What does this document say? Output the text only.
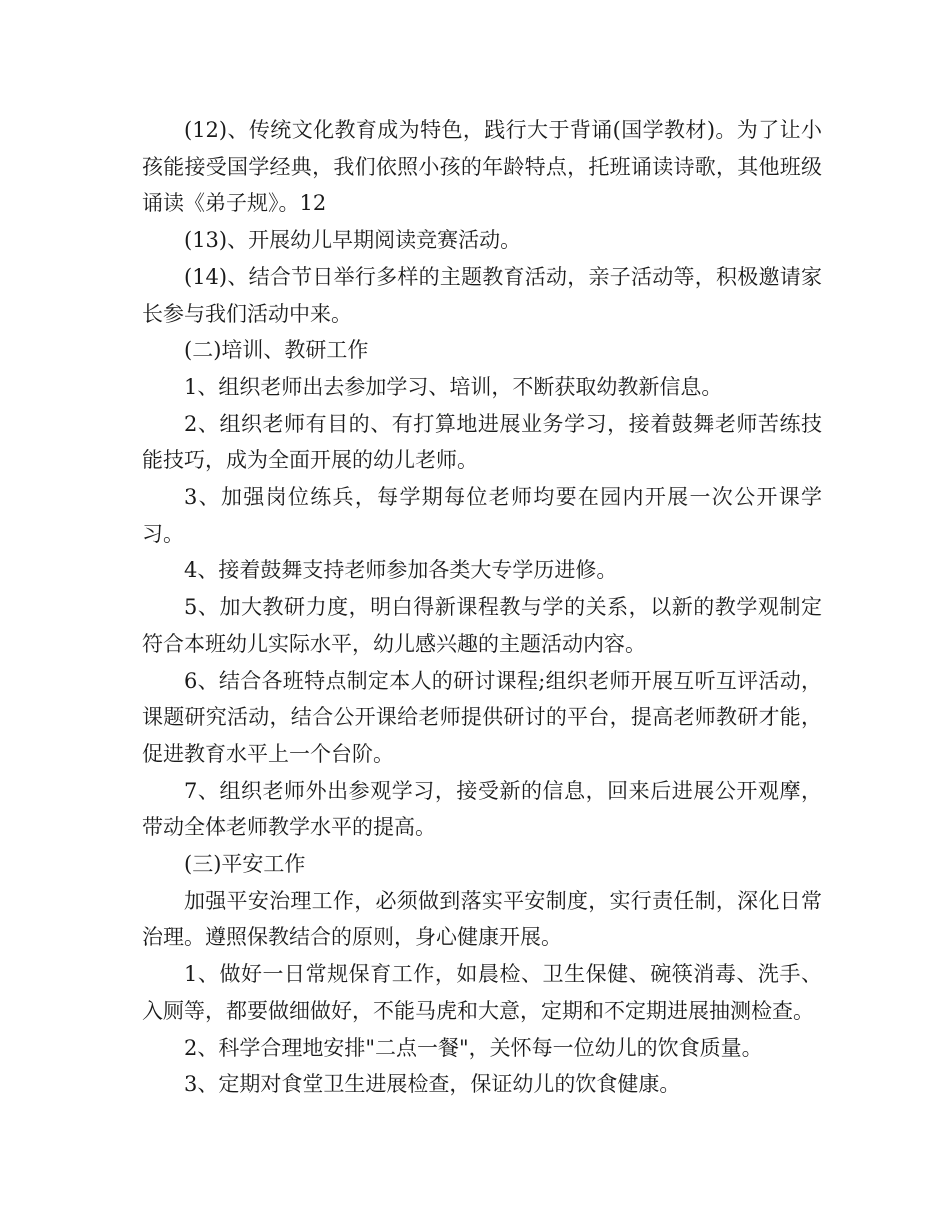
(12)、传统文化教育成为特色，践行大于背诵(国学教材)。为了让小孩能接受国学经典，我们依照小孩的年龄特点，托班诵读诗歌，其他班级诵读《弟子规》。12

(13)、开展幼儿早期阅读竞赛活动。

(14)、结合节日举行多样的主题教育活动，亲子活动等，积极邀请家长参与我们活动中来。

(二)培训、教研工作

1、组织老师出去参加学习、培训，不断获取幼教新信息。

2、组织老师有目的、有打算地进展业务学习，接着鼓舞老师苦练技能技巧，成为全面开展的幼儿老师。

3、加强岗位练兵，每学期每位老师均要在园内开展一次公开课学习。

4、接着鼓舞支持老师参加各类大专学历进修。

5、加大教研力度，明白得新课程教与学的关系，以新的教学观制定符合本班幼儿实际水平，幼儿感兴趣的主题活动内容。

6、结合各班特点制定本人的研讨课程;组织老师开展互听互评活动，课题研究活动，结合公开课给老师提供研讨的平台，提高老师教研才能，促进教育水平上一个台阶。

7、组织老师外出参观学习，接受新的信息，回来后进展公开观摩，带动全体老师教学水平的提高。

(三)平安工作

加强平安治理工作，必须做到落实平安制度，实行责任制，深化日常治理。遵照保教结合的原则，身心健康开展。

1、做好一日常规保育工作，如晨检、卫生保健、碗筷消毒、洗手、入厕等，都要做细做好，不能马虎和大意，定期和不定期进展抽测检查。

2、科学合理地安排"二点一餐"，关怀每一位幼儿的饮食质量。

3、定期对食堂卫生进展检查，保证幼儿的饮食健康。
